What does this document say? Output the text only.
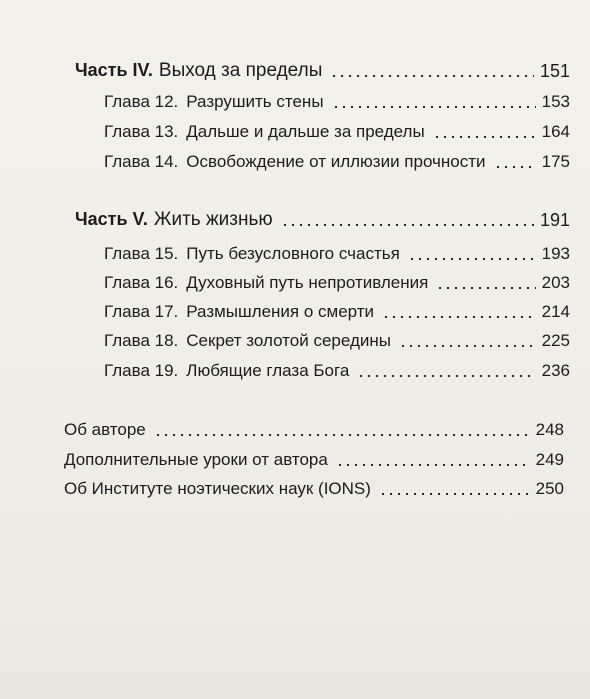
Часть IV. Выход за пределы	151
Глава 12. Разрушить стены	153
Глава 13. Дальше и дальше за пределы	164
Глава 14. Освобождение от иллюзии прочности	175
Часть V. Жить жизнью	191
Глава 15. Путь безусловного счастья	193
Глава 16. Духовный путь непротивления	203
Глава 17. Размышления о смерти	214
Глава 18. Секрет золотой середины	225
Глава 19. Любящие глаза Бога	236
Об авторе	248
Дополнительные уроки от автора	249
Об Институте ноэтических наук (IONS)	250
